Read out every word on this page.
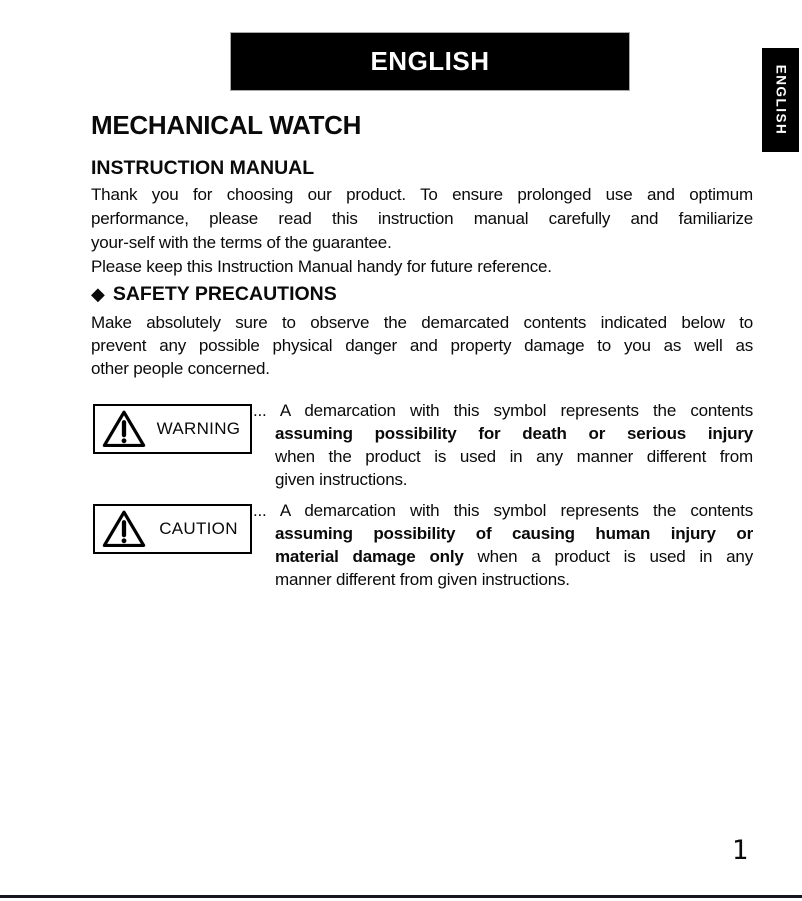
ENGLISH
ENGLISH
MECHANICAL WATCH
INSTRUCTION MANUAL
Thank you for choosing our product. To ensure prolonged use and optimum
performance, please read this instruction manual carefully and familiarize
your-self with the terms of the guarantee.
Please keep this Instruction Manual handy for future reference.
◆ SAFETY PRECAUTIONS
Make absolutely sure to observe the demarcated contents indicated below to
prevent any possible physical danger and property damage to you as well as
other people concerned.
WARNING
... A demarcation with this symbol represents the contents
assuming possibility for death or serious injury
when the product is used in any manner different from
given instructions.
CAUTION
... A demarcation with this symbol represents the contents
assuming possibility of causing human injury or
material damage only when a product is used in any
manner different from given instructions.
1
